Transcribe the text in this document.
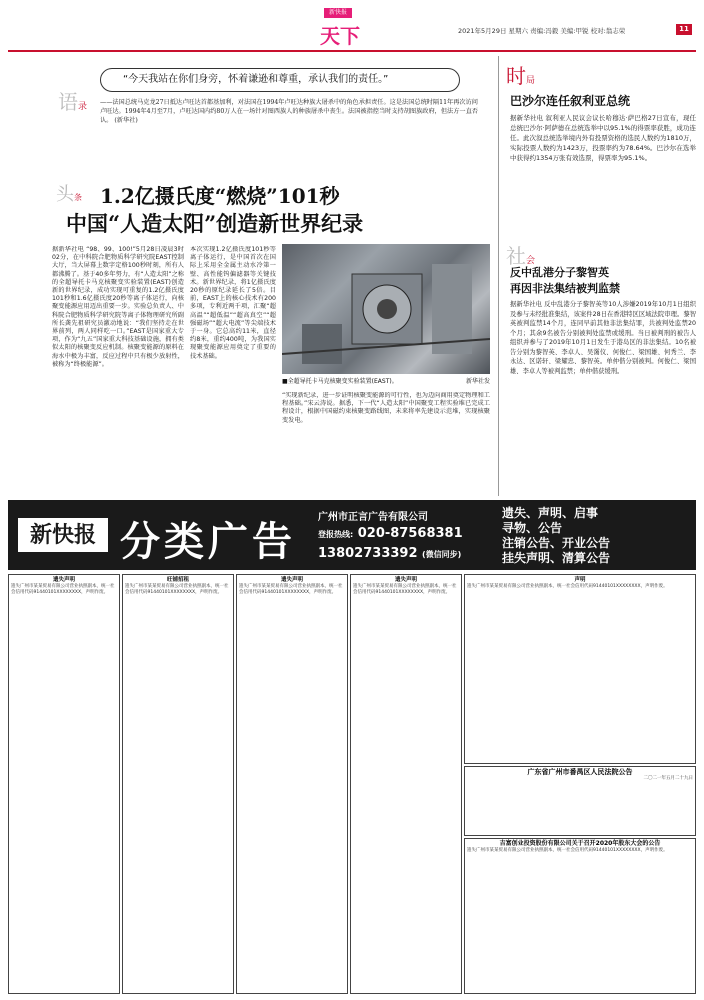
新快报
天下	2021年5月29日 星期六 责编:冯毅 美编:甲锐 校对:翁志荣	11
语录
“今天我站在你们身旁，怀着谦逊和尊重，承认我们的责任。”
——法国总统马克龙27日抵达卢旺达首都基加利，对法国在1994年卢旺达种族大屠杀中的角色承担责任。这是法国总统时隔11年再次访问卢旺达。1994年4月至7月，卢旺达国内约80万人在一场针对图西族人的种族屠杀中丧生。法国被指控当时支持胡图族政府，但法方一直否认。 (新华社)
时局
巴沙尔连任叙利亚总统
据新华社电 叙利亚人民议会议长哈穆达·萨巴格27日宣布，现任总统巴沙尔·阿萨德在总统选举中以95.1%的得票率获胜，成功连任。此次叙总统选举境内外有投票资格的选民人数约为1810万，实际投票人数约为1423万，投票率约为78.64%。巴沙尔在选举中获得约1354万张有效选票，得票率为95.1%。
头条 1.2亿摄氏度“燃烧”101秒
中国“人造太阳”创造新世界纪录
据新华社电 “98、99、100!”5月28日凌晨3时02分，在中科院合肥物质科学研究院EAST控制大厅，当大屏幕上数字定格100秒时刻，所有人都沸腾了。基于40多年努力，有“人造太阳”之称的全超导托卡马克核聚变实验装置(EAST)创造新的世界纪录，成功实现可重复的1.2亿摄氏度101秒和1.6亿摄氏度20秒等离子体运行，向核聚变能源应用迈出重要一步。实验总负责人、中科院合肥物质科学研究院等离子体物理研究所副所长龚先祖研究员激动地说：“我们坚持走在世界前列，两人同样吃一口。”EAST是国家重大专项，作为“九五”国家重大科技基础设施，拥有类似太阳的核聚变反应机制。核聚变能源的原料在海水中极为丰富，反应过程中只有极少放射性，被称为“终极能源”。
本次实现1.2亿摄氏度101秒等离子体运行，是中国首次在国际上采用全金属主动水冷第一壁、高性能钨偏滤器等关键技术。新世界纪录，将1亿摄氏度20秒的原纪录延长了5倍。目前，EAST上的核心技术有200多项，专利近两千项，汇聚“超高温”“超低温”“超高真空”“超强磁场”“超大电流”等尖端技术于一身。它总高约11米，直径约8米，重约400吨，为我国实现聚变能源应用奠定了重要的技术基础。
■全超导托卡马克核聚变实验装置(EAST)。	新华社发
“实现新纪录，进一步证明核聚变能源的可行性，也为迈向商用奠定物理和工程基础。”宋云涛说。据悉，下一代“人造太阳”中国聚变工程实验堆已完成工程设计，根据中国磁约束核聚变路线图，未来将率先建设示范堆，实现核聚变发电。
社会
反中乱港分子黎智英
再因非法集结被判监禁
据新华社电 反中乱港分子黎智英等10人涉嫌2019年10月1日组织及参与未经批准集结，该案件28日在香港特区区域法院审理。黎智英被判监禁14个月，连同早前其他非法集结罪，共被判处监禁20个月；其余9名被告分别被判处监禁或缓刑。当日被判刑的被告人组织并参与了2019年10月1日发生于港岛区的非法集结。10名被告分别为黎智英、李卓人、吴霭仪、何俊仁、梁国雄、何秀兰、李永达、区诺轩、梁耀忠、黎智英。单仲偕分别被判。何俊仁、梁国雄、李卓人等被判监禁；单仲偕获缓刑。
新快报 分类广告
广州市正言广告有限公司
登报热线: 020-87568381
13802733392 (微信同步)
遗失、声明、启事
寻物、公告
注销公告、开业公告
挂失声明、清算公告
遗失声明
遗失广州市某某贸易有限公司营业执照副本，统一社会信用代码91440101XXXXXXXX，声明作废。
旺铺招租
遗失广州市某某贸易有限公司营业执照副本，统一社会信用代码91440101XXXXXXXX，声明作废。
遗失声明
遗失广州市某某贸易有限公司营业执照副本，统一社会信用代码91440101XXXXXXXX，声明作废。
遗失声明
遗失广州市某某贸易有限公司营业执照副本，统一社会信用代码91440101XXXXXXXX，声明作废。
声明
遗失广州市某某贸易有限公司营业执照副本，统一社会信用代码91440101XXXXXXXX，声明作废。
广东省广州市番禺区人民法院公告
二〇二一年五月二十九日
吉富创业投资股份有限公司关于召开2020年股东大会的公告
遗失广州市某某贸易有限公司营业执照副本，统一社会信用代码91440101XXXXXXXX，声明作废。
